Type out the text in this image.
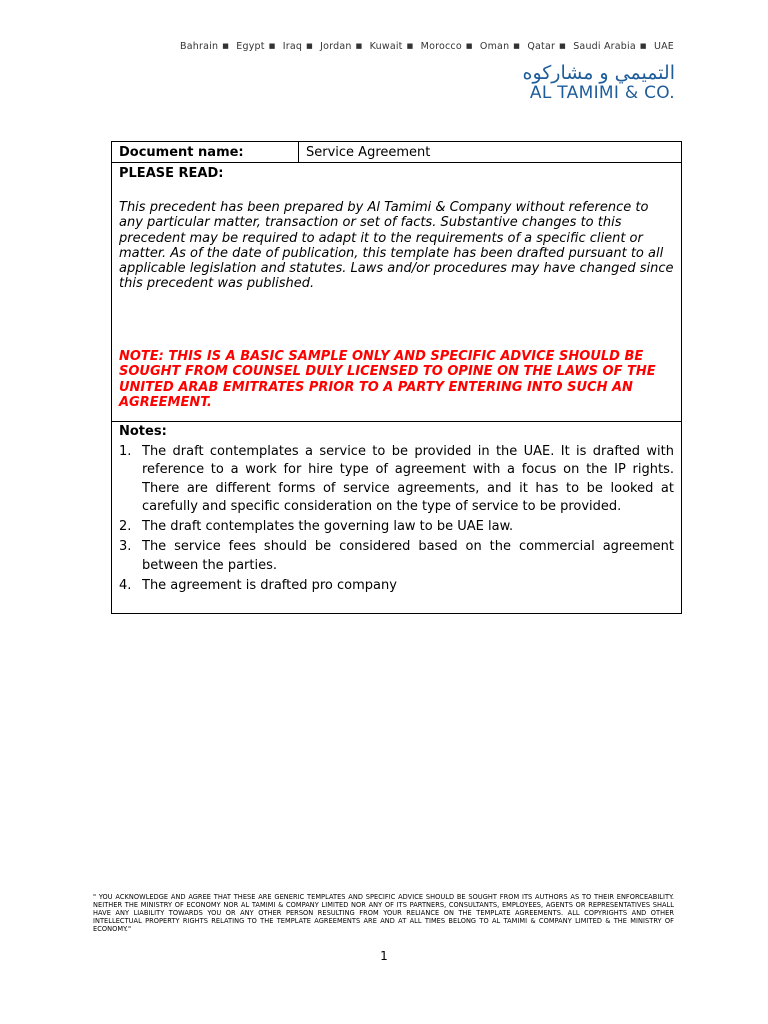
Bahrain ■ Egypt ■ Iraq ■ Jordan ■ Kuwait ■ Morocco ■ Oman ■ Qatar ■ Saudi Arabia ■ UAE
التميمي و مشاركوه
AL TAMIMI & CO.
Document name:	Service Agreement

PLEASE READ:

This precedent has been prepared by Al Tamimi & Company without reference to any particular matter, transaction or set of facts. Substantive changes to this precedent may be required to adapt it to the requirements of a specific client or matter. As of the date of publication, this template has been drafted pursuant to all applicable legislation and statutes. Laws and/or procedures may have changed since this precedent was published.

NOTE: THIS IS A BASIC SAMPLE ONLY AND SPECIFIC ADVICE SHOULD BE SOUGHT FROM COUNSEL DULY LICENSED TO OPINE ON THE LAWS OF THE UNITED ARAB EMITRATES PRIOR TO A PARTY ENTERING INTO SUCH AN AGREEMENT.

Notes:
1. The draft contemplates a service to be provided in the UAE. It is drafted with reference to a work for hire type of agreement with a focus on the IP rights. There are different forms of service agreements, and it has to be looked at carefully and specific consideration on the type of service to be provided.
2. The draft contemplates the governing law to be UAE law.
3. The service fees should be considered based on the commercial agreement between the parties.
4. The agreement is drafted pro company
" YOU ACKNOWLEDGE AND AGREE THAT THESE ARE GENERIC TEMPLATES AND SPECIFIC ADVICE SHOULD BE SOUGHT FROM ITS AUTHORS AS TO THEIR ENFORCEABILITY. NEITHER THE MINISTRY OF ECONOMY NOR AL TAMIMI & COMPANY LIMITED NOR ANY OF ITS PARTNERS, CONSULTANTS, EMPLOYEES, AGENTS OR REPRESENTATIVES SHALL HAVE ANY LIABILITY TOWARDS YOU OR ANY OTHER PERSON RESULTING FROM YOUR RELIANCE ON THE TEMPLATE AGREEMENTS. ALL COPYRIGHTS AND OTHER INTELLECTUAL PROPERTY RIGHTS RELATING TO THE TEMPLATE AGREEMENTS ARE AND AT ALL TIMES BELONG TO AL TAMIMI & COMPANY LIMITED & THE MINISTRY OF ECONOMY."
1
